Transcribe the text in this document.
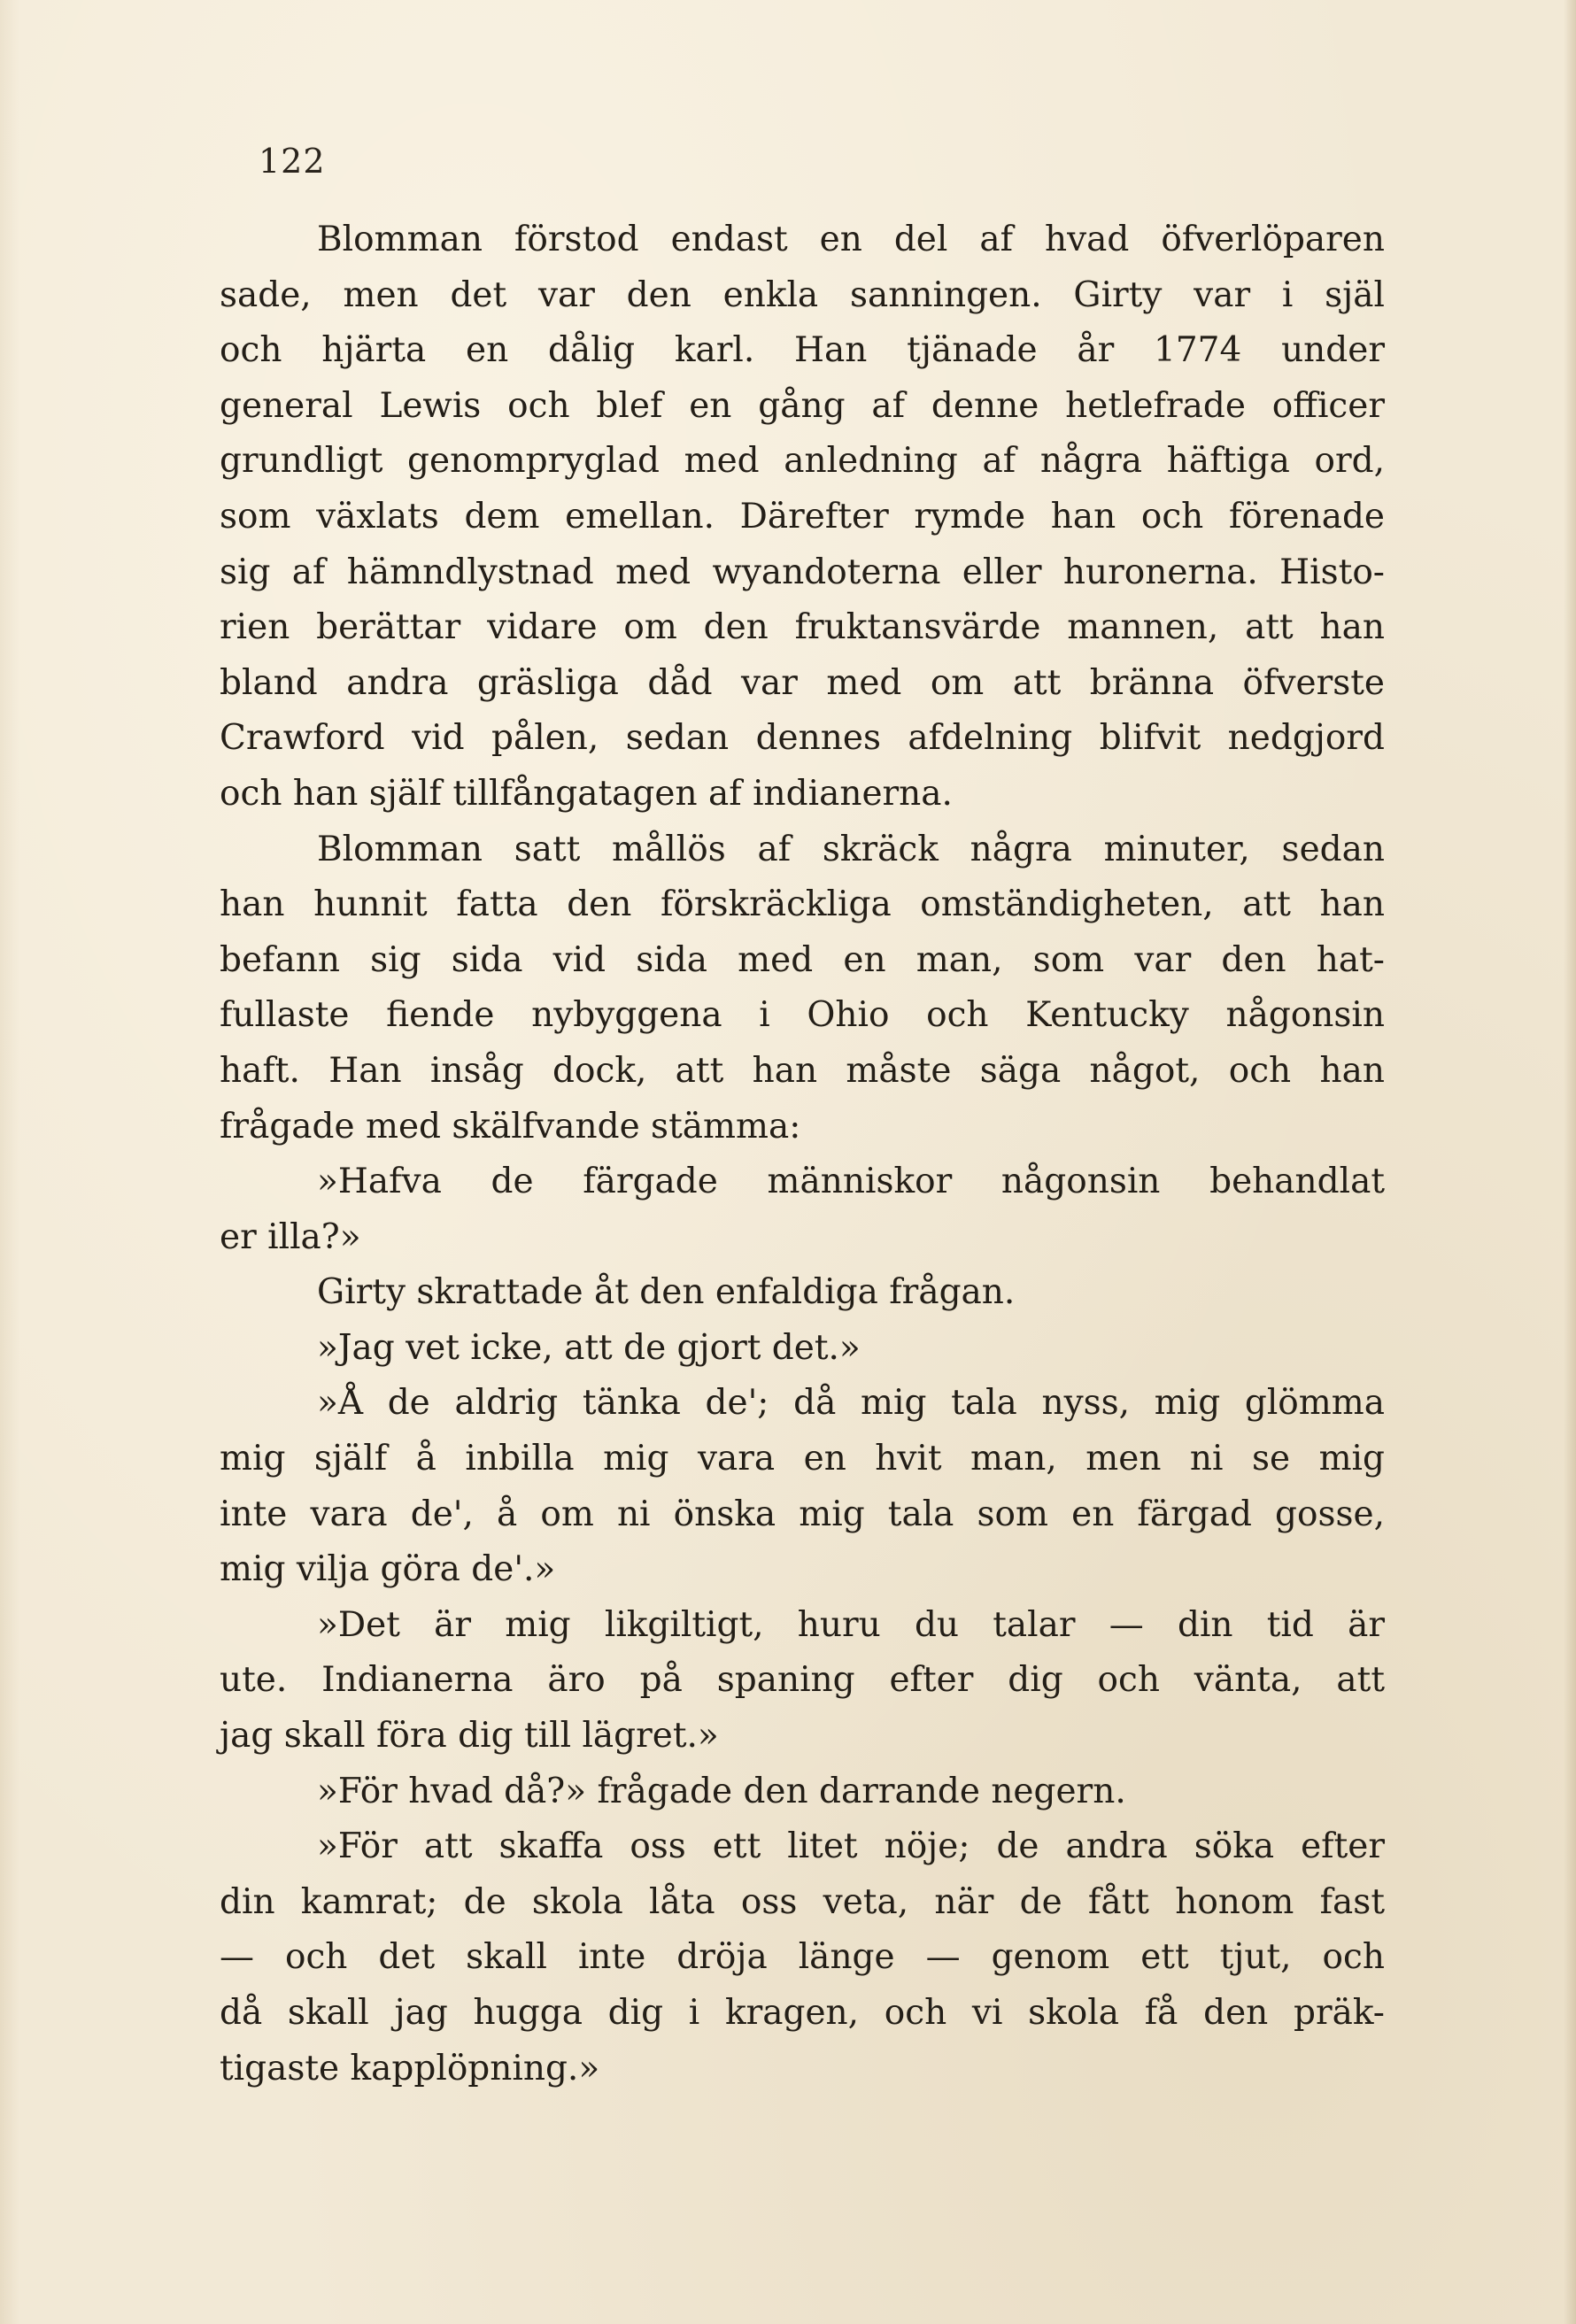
122
Blomman förstod endast en del af hvad öfverlöparen
sade, men det var den enkla sanningen. Girty var i själ
och hjärta en dålig karl. Han tjänade år 1774 under
general Lewis och blef en gång af denne hetlefrade officer
grundligt genompryglad med anledning af några häftiga ord,
som växlats dem emellan. Därefter rymde han och förenade
sig af hämndlystnad med wyandoterna eller huronerna. Histo-
rien berättar vidare om den fruktansvärde mannen, att han
bland andra gräsliga dåd var med om att bränna öfverste
Crawford vid pålen, sedan dennes afdelning blifvit nedgjord
och han själf tillfångatagen af indianerna.
Blomman satt mållös af skräck några minuter, sedan
han hunnit fatta den förskräckliga omständigheten, att han
befann sig sida vid sida med en man, som var den hat-
fullaste fiende nybyggena i Ohio och Kentucky någonsin
haft. Han insåg dock, att han måste säga något, och han
frågade med skälfvande stämma:
»Hafva de färgade människor någonsin behandlat
er illa?»
Girty skrattade åt den enfaldiga frågan.
»Jag vet icke, att de gjort det.»
»Å de aldrig tänka de'; då mig tala nyss, mig glömma
mig själf å inbilla mig vara en hvit man, men ni se mig
inte vara de', å om ni önska mig tala som en färgad gosse,
mig vilja göra de'.»
»Det är mig likgiltigt, huru du talar — din tid är
ute. Indianerna äro på spaning efter dig och vänta, att
jag skall föra dig till lägret.»
»För hvad då?» frågade den darrande negern.
»För att skaffa oss ett litet nöje; de andra söka efter
din kamrat; de skola låta oss veta, när de fått honom fast
— och det skall inte dröja länge — genom ett tjut, och
då skall jag hugga dig i kragen, och vi skola få den präk-
tigaste kapplöpning.»
